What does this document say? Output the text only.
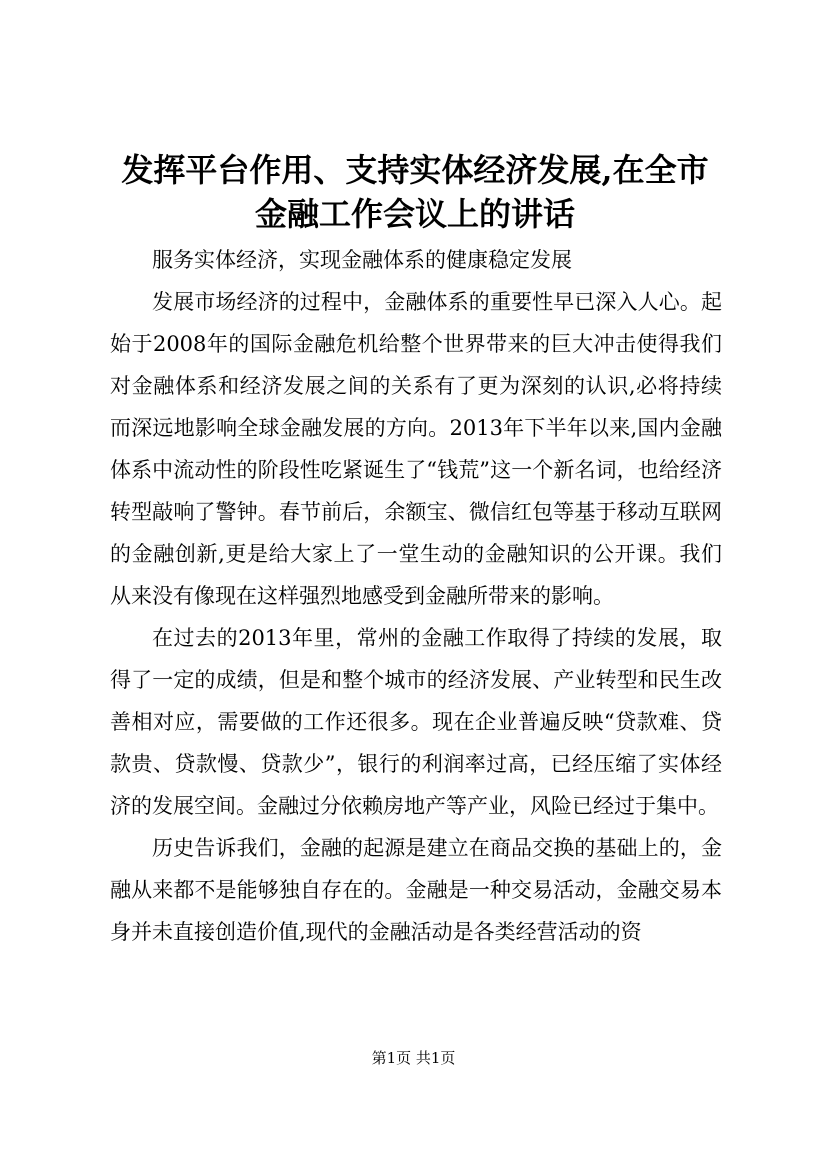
发挥平台作用、支持实体经济发展,在全市金融工作会议上的讲话

服务实体经济，实现金融体系的健康稳定发展

发展市场经济的过程中，金融体系的重要性早已深入人心。起始于2008年的国际金融危机给整个世界带来的巨大冲击使得我们对金融体系和经济发展之间的关系有了更为深刻的认识,必将持续而深远地影响全球金融发展的方向。2013年下半年以来,国内金融体系中流动性的阶段性吃紧诞生了“钱荒”这一个新名词，也给经济转型敲响了警钟。春节前后，余额宝、微信红包等基于移动互联网的金融创新,更是给大家上了一堂生动的金融知识的公开课。我们从来没有像现在这样强烈地感受到金融所带来的影响。

在过去的2013年里，常州的金融工作取得了持续的发展，取得了一定的成绩，但是和整个城市的经济发展、产业转型和民生改善相对应，需要做的工作还很多。现在企业普遍反映“贷款难、贷款贵、贷款慢、贷款少”，银行的利润率过高，已经压缩了实体经济的发展空间。金融过分依赖房地产等产业，风险已经过于集中。

历史告诉我们，金融的起源是建立在商品交换的基础上的，金融从来都不是能够独自存在的。金融是一种交易活动，金融交易本身并未直接创造价值,现代的金融活动是各类经营活动的资

第1页 共1页
